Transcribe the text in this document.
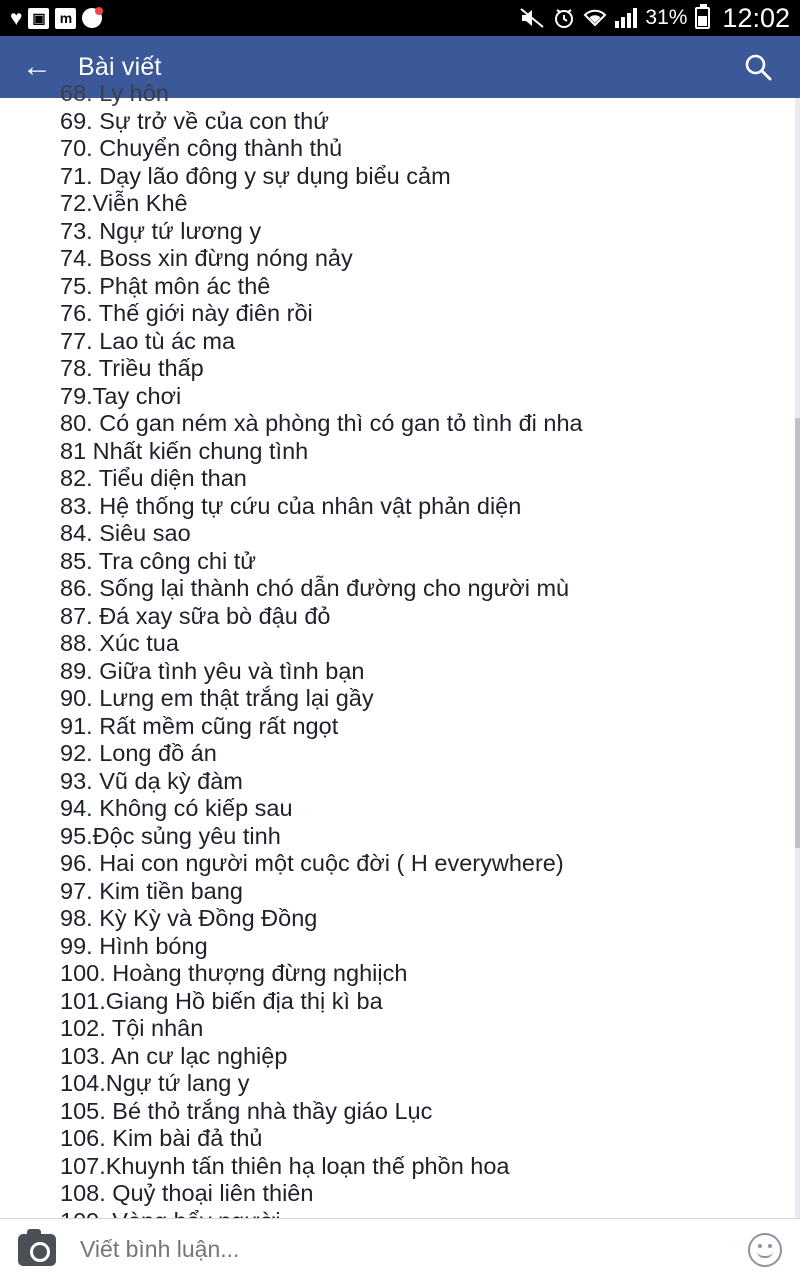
♥ ▣	m	31% 12:02
← Bài viết
68. Ly hôn
69. Sự trở về của con thứ
70. Chuyển công thành thủ
71. Dạy lão đông y sự dụng biểu cảm
72.Viễn Khê
73. Ngự tứ lương y
74. Boss xin đừng nóng nảy
75. Phật môn ác thê
76. Thế giới này điên rồi
77. Lao tù ác ma
78. Triều thấp
79.Tay chơi
80. Có gan ném xà phòng thì có gan tỏ tình đi nha
81 Nhất kiến chung tình
82. Tiểu diện than
83. Hệ thống tự cứu của nhân vật phản diện
84. Siêu sao
85. Tra công chi tử
86. Sống lại thành chó dẫn đường cho người mù
87. Đá xay sữa bò đậu đỏ
88. Xúc tua
89. Giữa tình yêu và tình bạn
90. Lưng em thật trắng lại gầy
91. Rất mềm cũng rất ngọt
92. Long đồ án
93. Vũ dạ kỳ đàm
94. Không có kiếp sau
95.Độc sủng yêu tinh
96. Hai con người một cuộc đời ( H everywhere)
97. Kim tiền bang
98. Kỳ Kỳ và Đồng Đồng
99. Hình bóng
100. Hoàng thượng đừng nghiịch
101.Giang Hồ biến địa thị kì ba
102. Tội nhân
103. An cư lạc nghiệp
104.Ngự tứ lang y
105. Bé thỏ trắng nhà thầy giáo Lục
106. Kim bài đả thủ
107.Khuynh tấn thiên hạ loạn thế phồn hoa
108. Quỷ thoại liên thiên
Viết bình luận...
